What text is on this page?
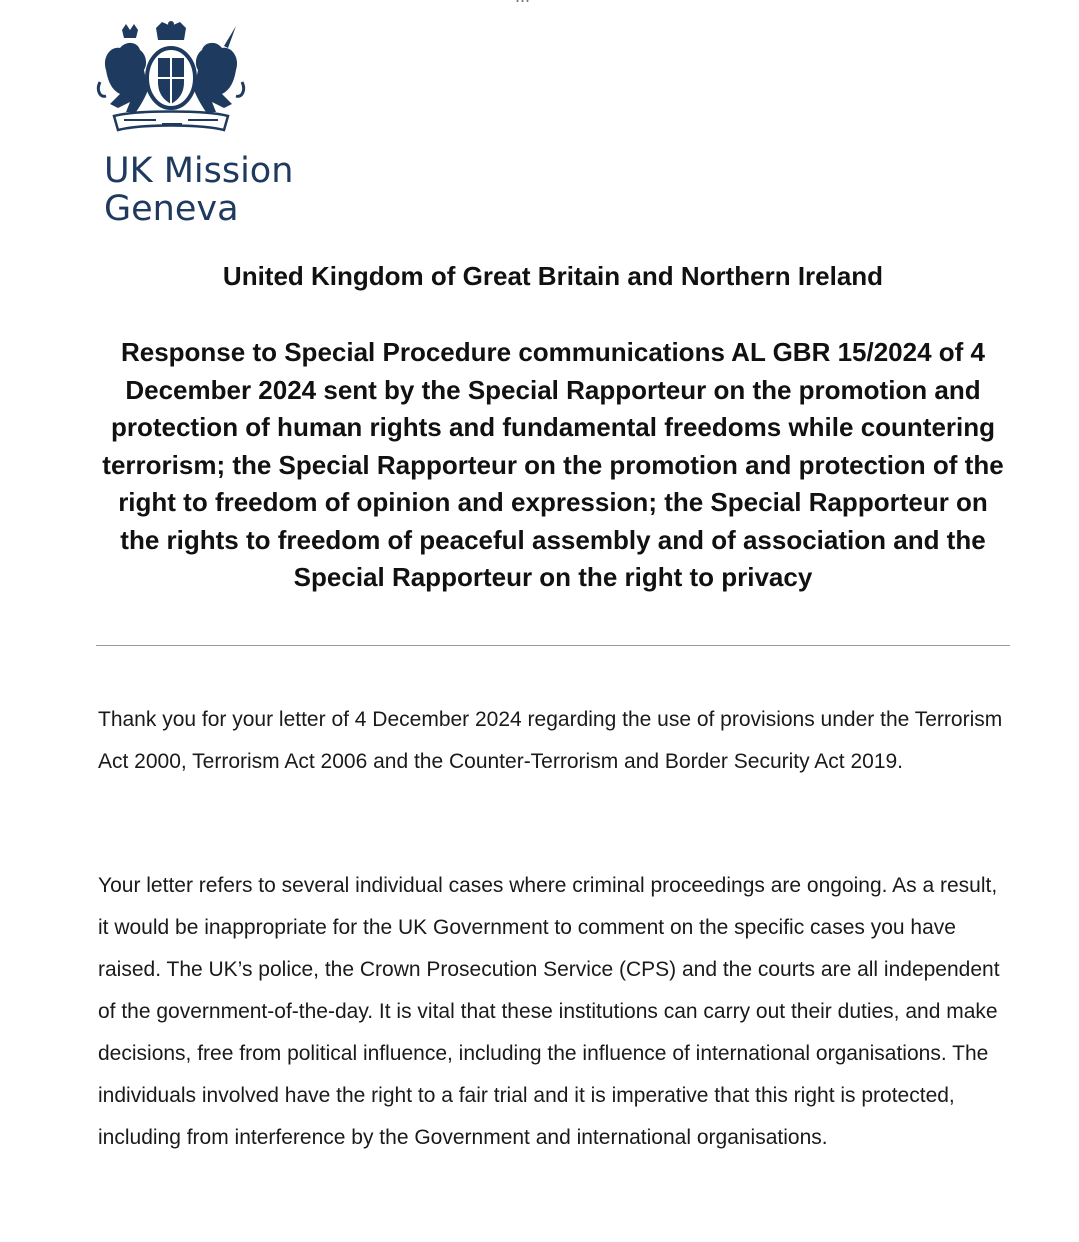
UK Mission
Geneva
United Kingdom of Great Britain and Northern Ireland
Response to Special Procedure communications AL GBR 15/2024 of 4 December 2024 sent by the Special Rapporteur on the promotion and protection of human rights and fundamental freedoms while countering terrorism; the Special Rapporteur on the promotion and protection of the right to freedom of opinion and expression; the Special Rapporteur on the rights to freedom of peaceful assembly and of association and the Special Rapporteur on the right to privacy
Thank you for your letter of 4 December 2024 regarding the use of provisions under the Terrorism Act 2000, Terrorism Act 2006 and the Counter-Terrorism and Border Security Act 2019.
Your letter refers to several individual cases where criminal proceedings are ongoing. As a result, it would be inappropriate for the UK Government to comment on the specific cases you have raised. The UK’s police, the Crown Prosecution Service (CPS) and the courts are all independent of the government-of-the-day. It is vital that these institutions can carry out their duties, and make decisions, free from political influence, including the influence of international organisations. The individuals involved have the right to a fair trial and it is imperative that this right is protected, including from interference by the Government and international organisations.
